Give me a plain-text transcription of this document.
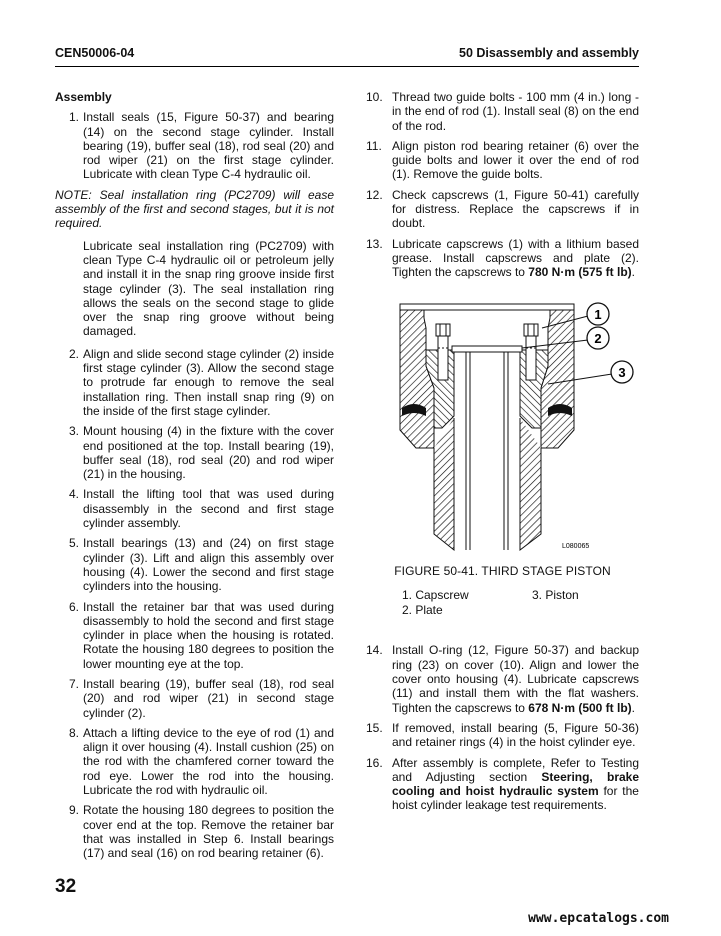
CEN50006-04	50 Disassembly and assembly
Assembly
1. Install seals (15, Figure 50-37) and bearing (14) on the second stage cylinder. Install bearing (19), buffer seal (18), rod seal (20) and rod wiper (21) on the first stage cylinder. Lubricate with clean Type C-4 hydraulic oil.
NOTE: Seal installation ring (PC2709) will ease assembly of the first and second stages, but it is not required.
Lubricate seal installation ring (PC2709) with clean Type C-4 hydraulic oil or petroleum jelly and install it in the snap ring groove inside first stage cylinder (3). The seal installation ring allows the seals on the second stage to glide over the snap ring groove without being damaged.
2. Align and slide second stage cylinder (2) inside first stage cylinder (3). Allow the second stage to protrude far enough to remove the seal installation ring. Then install snap ring (9) on the inside of the first stage cylinder.
3. Mount housing (4) in the fixture with the cover end positioned at the top. Install bearing (19), buffer seal (18), rod seal (20) and rod wiper (21) in the housing.
4. Install the lifting tool that was used during disassembly in the second and first stage cylinder assembly.
5. Install bearings (13) and (24) on first stage cylinder (3). Lift and align this assembly over housing (4). Lower the second and first stage cylinders into the housing.
6. Install the retainer bar that was used during disassembly to hold the second and first stage cylinder in place when the housing is rotated. Rotate the housing 180 degrees to position the lower mounting eye at the top.
7. Install bearing (19), buffer seal (18), rod seal (20) and rod wiper (21) in second stage cylinder (2).
8. Attach a lifting device to the eye of rod (1) and align it over housing (4). Install cushion (25) on the rod with the chamfered corner toward the rod eye. Lower the rod into the housing. Lubricate the rod with hydraulic oil.
9. Rotate the housing 180 degrees to position the cover end at the top. Remove the retainer bar that was installed in Step 6. Install bearings (17) and seal (16) on rod bearing retainer (6).
10. Thread two guide bolts - 100 mm (4 in.) long - in the end of rod (1). Install seal (8) on the end of the rod.
11. Align piston rod bearing retainer (6) over the guide bolts and lower it over the end of rod (1). Remove the guide bolts.
12. Check capscrews (1, Figure 50-41) carefully for distress. Replace the capscrews if in doubt.
13. Lubricate capscrews (1) with a lithium based grease. Install capscrews and plate (2). Tighten the capscrews to 780 N·m (575 ft lb).
1
2
3
L080065
FIGURE 50-41. THIRD STAGE PISTON
1. Capscrew	3. Piston
2. Plate
14. Install O-ring (12, Figure 50-37) and backup ring (23) on cover (10). Align and lower the cover onto housing (4). Lubricate capscrews (11) and install them with the flat washers. Tighten the capscrews to 678 N·m (500 ft lb).
15. If removed, install bearing (5, Figure 50-36) and retainer rings (4) in the hoist cylinder eye.
16. After assembly is complete, Refer to Testing and Adjusting section Steering, brake cooling and hoist hydraulic system for the hoist cylinder leakage test requirements.
32
www.epcatalogs.com
